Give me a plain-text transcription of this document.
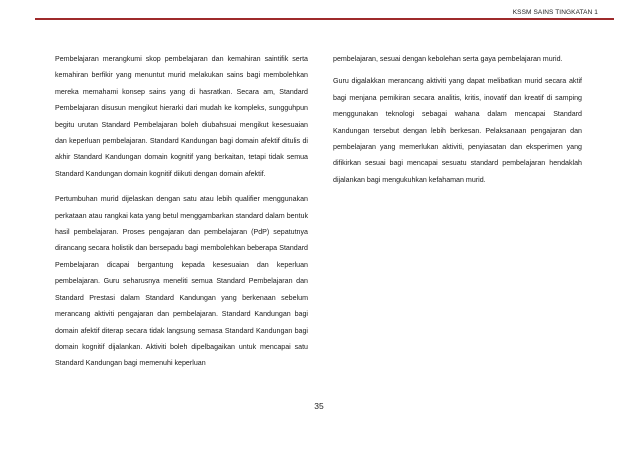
KSSM SAINS TINGKATAN 1

Pembelajaran merangkumi skop pembelajaran dan kemahiran saintifik serta kemahiran berfikir yang menuntut murid melakukan sains bagi membolehkan mereka memahami konsep sains yang di hasratkan. Secara am, Standard Pembelajaran disusun mengikut hierarki dari mudah ke kompleks, sungguhpun begitu urutan Standard Pembelajaran boleh diubahsuai mengikut kesesuaian dan keperluan pembelajaran. Standard Kandungan bagi domain afektif ditulis di akhir Standard Kandungan domain kognitif yang berkaitan, tetapi tidak semua Standard Kandungan domain kognitif diikuti dengan domain afektif.

Pertumbuhan murid dijelaskan dengan satu atau lebih qualifier menggunakan perkataan atau rangkai kata yang betul menggambarkan standard dalam bentuk hasil pembelajaran. Proses pengajaran dan pembelajaran (PdP) sepatutnya dirancang secara holistik dan bersepadu bagi membolehkan beberapa Standard Pembelajaran dicapai bergantung kepada kesesuaian dan keperluan pembelajaran. Guru seharusnya meneliti semua Standard Pembelajaran dan Standard Prestasi dalam Standard Kandungan yang berkenaan sebelum merancang aktiviti pengajaran dan pembelajaran. Standard Kandungan bagi domain afektif diterap secara tidak langsung semasa Standard Kandungan bagi domain kognitif dijalankan. Aktiviti boleh dipelbagaikan untuk mencapai satu Standard Kandungan bagi memenuhi keperluan

pembelajaran, sesuai dengan kebolehan serta gaya pembelajaran murid.

Guru digalakkan merancang aktiviti yang dapat melibatkan murid secara aktif bagi menjana pemikiran secara analitis, kritis, inovatif dan kreatif di samping menggunakan teknologi sebagai wahana dalam mencapai Standard Kandungan tersebut dengan lebih berkesan. Pelaksanaan pengajaran dan pembelajaran yang memerlukan aktiviti, penyiasatan dan eksperimen yang difikirkan sesuai bagi mencapai sesuatu standard pembelajaran hendaklah dijalankan bagi mengukuhkan kefahaman murid.

35
